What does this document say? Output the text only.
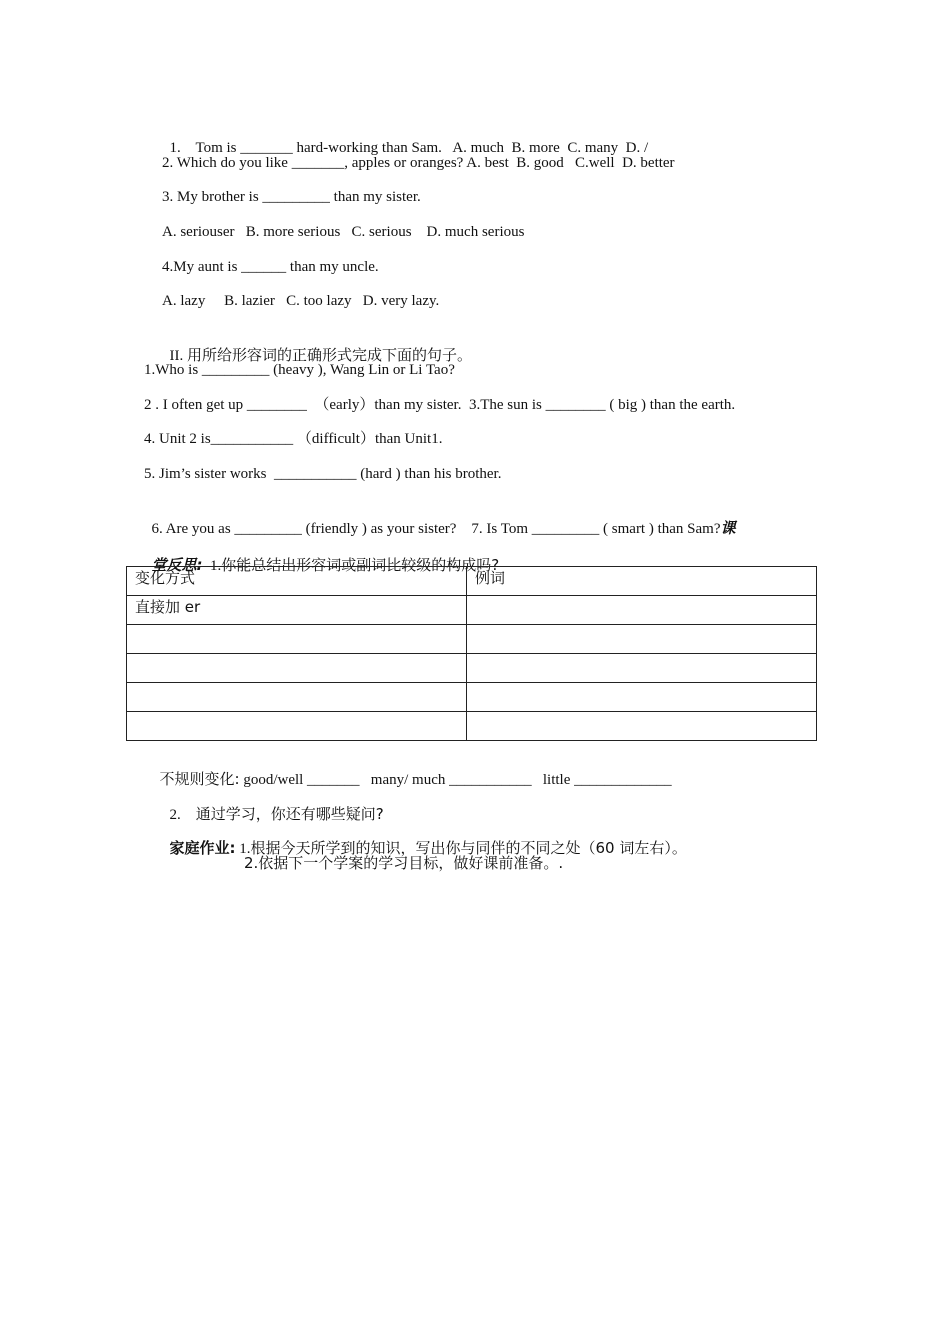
1. Tom is _______ hard-working than Sam.   A. much  B. more  C. many  D. /

2. Which do you like _______, apples or oranges? A. best  B. good   C.well  D. better
3. My brother is _________ than my sister.
A. seriouser   B. more serious   C. serious    D. much serious
4.My aunt is ______ than my uncle.
A. lazy     B. lazier   C. too lazy   D. very lazy.

II. 用所给形容词的正确形式完成下面的句子。

1.Who is _________ (heavy ), Wang Lin or Li Tao?
2 . I often get up ________  （early）than my sister.  3.The sun is ________ ( big ) than the earth.
4. Unit 2 is___________ （difficult）than Unit1.
5. Jim’s sister works  ___________ (hard ) than his brother.

6. Are you as _________ (friendly ) as your sister?    7. Is Tom _________ ( smart ) than Sam?课

堂反思: 1.你能总结出形容词或副词比较级的构成吗?

变化方式	例词
直接加 er	

不规则变化: good/well _______   many/ much ___________   little _____________

2. 通过学习，你还有哪些疑问?

家庭作业: 1.根据今天所学到的知识，写出你与同伴的不同之处（60 词左右）。

2.依据下一个学案的学习目标，做好课前准备。.
